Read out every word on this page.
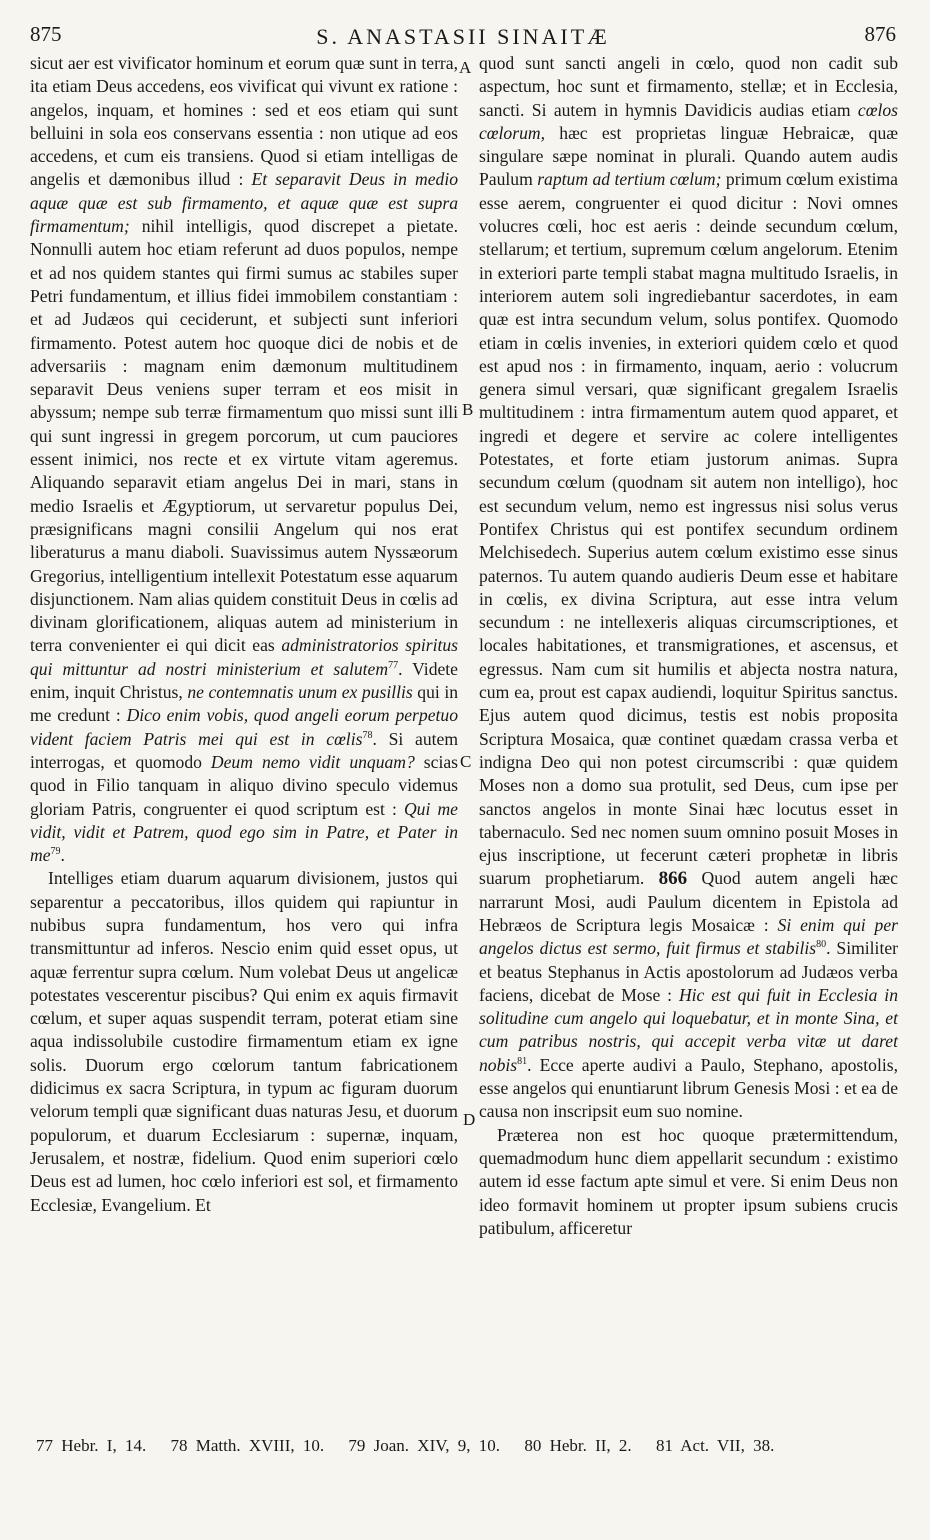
875	S. ANASTASII SINAITÆ	876

sicut aer est vivificator hominum et eorum quæ sunt in terra, ita etiam Deus accedens, eos vivificat qui vivunt ex ratione : angelos, inquam, et homines : sed et eos etiam qui sunt belluini in sola eos conservans essentia : non utique ad eos accedens, et cum eis transiens. Quod si etiam intelligas de angelis et dæmonibus illud : Et separavit Deus in medio aquæ quæ est sub firmamento, et aquæ quæ est supra firmamentum; nihil intelligis, quod discrepet a pietate. Nonnulli autem hoc etiam referunt ad duos populos, nempe et ad nos quidem stantes qui firmi sumus ac stabiles super Petri fundamentum, et illius fidei immobilem constantiam : et ad Judæos qui ceciderunt, et subjecti sunt inferiori firmamento. Potest autem hoc quoque dici de nobis et de adversariis : magnam enim dæmonum multitudinem separavit Deus veniens super terram et eos misit in abyssum; nempe sub terræ firmamentum quo missi sunt illi qui sunt ingressi in gregem porcorum, ut cum pauciores essent inimici, nos recte et ex virtute vitam ageremus. Aliquando separavit etiam angelus Dei in mari, stans in medio Israelis et Ægyptiorum, ut servaretur populus Dei, præsignificans magni consilii Angelum qui nos erat liberaturus a manu diaboli. Suavissimus autem Nyssæorum Gregorius, intelligentium intellexit Potestatum esse aquarum disjunctionem. Nam alias quidem constituit Deus in cœlis ad divinam glorificationem, aliquas autem ad ministerium in terra convenienter ei qui dicit eas administratorios spiritus qui mittuntur ad nostri ministerium et salutem$^{77}$. Videte enim, inquit Christus, ne contemnatis unum ex pusillis qui in me credunt : Dico enim vobis, quod angeli eorum perpetuo vident faciem Patris mei qui est in cœlis$^{78}$. Si autem interrogas, et quomodo Deum nemo vidit unquam? scias quod in Filio tanquam in aliquo divino speculo videmus gloriam Patris, congruenter ei quod scriptum est : Qui me vidit, vidit et Patrem, quod ego sim in Patre, et Pater in $me^{79}$.

Intelliges etiam duarum aquarum divisionem, justos qui separentur a peccatoribus, illos quidem qui rapiuntur in nubibus supra fundamentum, hos vero qui infra transmittuntur ad inferos. Nescio enim quid esset opus, ut aquæ ferrentur supra cœlum. Num volebat Deus ut angelicæ potestates vescerentur piscibus? Qui enim ex aquis firmavit cœlum, et super aquas suspendit terram, poterat etiam sine aqua indissolubile custodire firmamentum etiam ex igne solis. Duorum ergo cœlorum tantum fabricationem didicimus ex sacra Scriptura, in typum ac figuram duorum velorum templi quæ significant duas naturas Jesu, et duorum populorum, et duarum Ecclesiarum : supernæ, inquam, Jerusalem, et nostræ, fidelium. Quod enim superiori cœlo Deus est ad lumen, hoc cœlo inferiori est sol, et firmamento Ecclesiæ, Evangelium. Et

quod sunt sancti angeli in cœlo, quod non cadit sub aspectum, hoc sunt et firmamento, stellæ; et in Ecclesia, sancti. Si autem in hymnis Davidicis audias etiam cœlos cœlorum, hæc est proprietas linguæ Hebraicæ, quæ singulare sæpe nominat in plurali. Quando autem audis Paulum raptum ad tertium cœlum; primum cœlum existima esse aerem, congruenter ei quod dicitur : Novi omnes volucres cœli, hoc est aeris : deinde secundum cœlum, stellarum; et tertium, supremum cœlum angelorum. Etenim in exteriori parte templi stabat magna multitudo Israelis, in interiorem autem soli ingrediebantur sacerdotes, in eam quæ est intra secundum velum, solus pontifex. Quomodo etiam in cœlis invenies, in exteriori quidem cœlo et quod est apud nos : in firmamento, inquam, aerio : volucrum genera simul versari, quæ significant gregalem Israelis multitudinem : intra firmamentum autem quod apparet, et ingredi et degere et servire ac colere intelligentes Potestates, et forte etiam justorum animas. Supra secundum cœlum (quodnam sit autem non intelligo), hoc est secundum velum, nemo est ingressus nisi solus verus Pontifex Christus qui est pontifex secundum ordinem Melchisedech. Superius autem cœlum existimo esse sinus paternos. Tu autem quando audieris Deum esse et habitare in cœlis, ex divina Scriptura, aut esse intra velum secundum : ne intellexeris aliquas circumscriptiones, et locales habitationes, et transmigrationes, et ascensus, et egressus. Nam cum sit humilis et abjecta nostra natura, cum ea, prout est capax audiendi, loquitur Spiritus sanctus. Ejus autem quod dicimus, testis est nobis proposita Scriptura Mosaica, quæ continet quædam crassa verba et indigna Deo qui non potest circumscribi : quæ quidem Moses non a domo sua protulit, sed Deus, cum ipse per sanctos angelos in monte Sinai hæc locutus esset in tabernaculo. Sed nec nomen suum omnino posuit Moses in ejus inscriptione, ut fecerunt cæteri prophetæ in libris suarum prophetiarum. 866 Quod autem angeli hæc narrarunt Mosi, audi Paulum dicentem in Epistola ad Hebræos de Scriptura legis Mosaicæ : Si enim qui per angelos dictus est sermo, fuit firmus et stabilis$^{80}$. Similiter et beatus Stephanus in Actis apostolorum ad Judæos verba faciens, dicebat de Mose : Hic est qui fuit in Ecclesia in solitudine cum angelo qui loquebatur, et in monte Sina, et cum patribus nostris, qui accepit verba vitæ ut daret nobis$^{81}$. Ecce aperte audivi a Paulo, Stephano, apostolis, esse angelos qui enuntiarunt librum Genesis Mosi : et ea de causa non inscripsit eum suo nomine.

Præterea non est hoc quoque prætermittendum, quemadmodum hunc diem appellarit secundum : existimo autem id esse factum apte simul et vere. Si enim Deus non ideo formavit hominem ut propter ipsum subiens crucis patibulum, afficeretur

A
B
C
D
77 Hebr. I, 14. 78 Matth. XVIII, 10. 79 Joan. XIV, 9, 10. 80 Hebr. II, 2. 81 Act. VII, 38.
